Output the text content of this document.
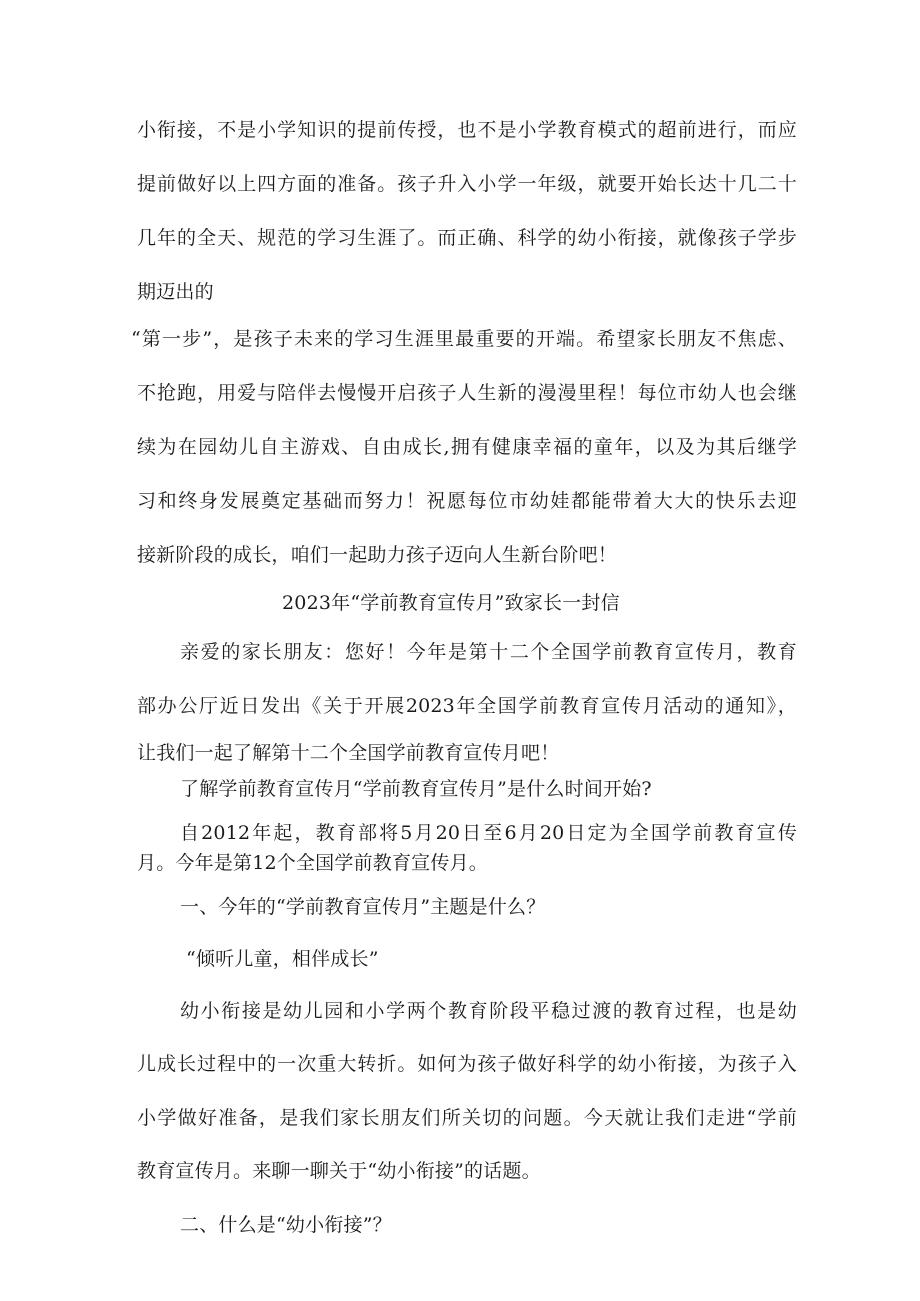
小衔接，不是小学知识的提前传授，也不是小学教育模式的超前进行，而应
提前做好以上四方面的准备。孩子升入小学一年级，就要开始长达十几二十
几年的全天、规范的学习生涯了。而正确、科学的幼小衔接，就像孩子学步
期迈出的
“第一步”，是孩子未来的学习生涯里最重要的开端。希望家长朋友不焦虑、
不抢跑，用爱与陪伴去慢慢开启孩子人生新的漫漫里程！每位市幼人也会继
续为在园幼儿自主游戏、自由成长,拥有健康幸福的童年，以及为其后继学
习和终身发展奠定基础而努力！祝愿每位市幼娃都能带着大大的快乐去迎
接新阶段的成长，咱们一起助力孩子迈向人生新台阶吧！
2023年“学前教育宣传月”致家长一封信
亲爱的家长朋友：您好！今年是第十二个全国学前教育宣传月，教育
部办公厅近日发出《关于开展2023年全国学前教育宣传月活动的通知》，
让我们一起了解第十二个全国学前教育宣传月吧！
了解学前教育宣传月“学前教育宣传月”是什么时间开始?
自2012年起，教育部将5月20日至6月20日定为全国学前教育宣传
月。今年是第12个全国学前教育宣传月。
一、今年的“学前教育宣传月”主题是什么？
“倾听儿童，相伴成长”
幼小衔接是幼儿园和小学两个教育阶段平稳过渡的教育过程，也是幼
儿成长过程中的一次重大转折。如何为孩子做好科学的幼小衔接，为孩子入
小学做好准备，是我们家长朋友们所关切的问题。今天就让我们走进“学前
教育宣传月。来聊一聊关于“幼小衔接”的话题。
二、什么是“幼小衔接”？
